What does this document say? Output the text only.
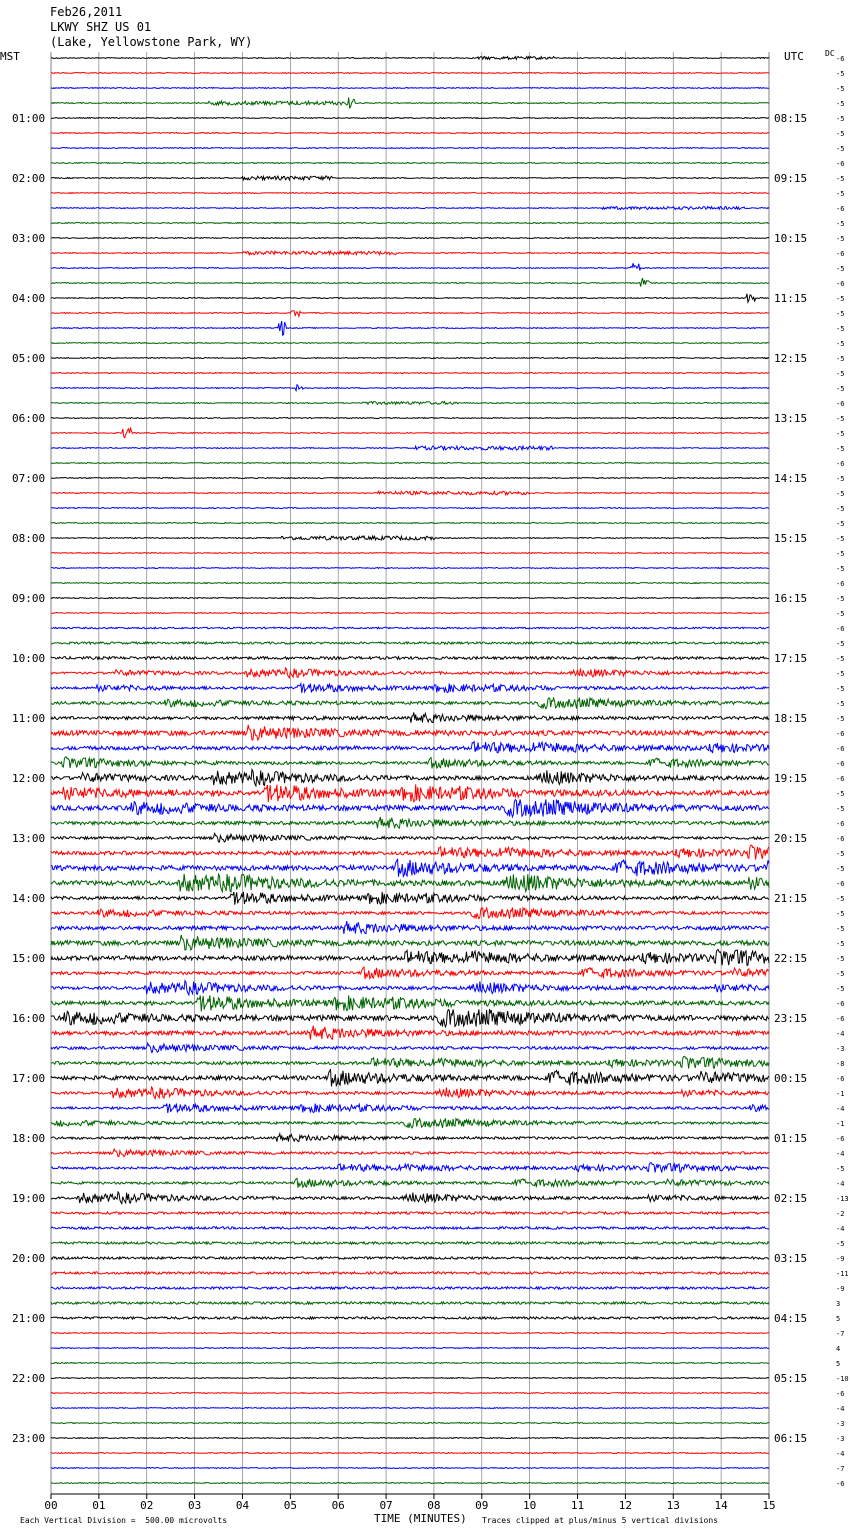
Feb26,2011
LKWY SHZ US 01
(Lake, Yellowstone Park, WY)
MST	UTC	DC
00	01	02	03	04	05	06	07	08	09	10	11	12	13	14	15
-6
-5
-5
-5
-5
-5
-5
-6
-5
-5
-6
-5
-5
-6
-5
-6
-5
-5
-5
-5
-5
-5
-5
-6
-5
-5
-5
-6
-5
-5
-5
-5
-5
-5
-5
-6
-5
-5
-6
-5
-5
-5
-5
-5
-5
-6
-6
-6
-6
-5
-5
-6
-6
-5
-5
-6
-5
-5
-5
-5
-5
-5
-5
-6
-6
-4
-3
-8
-6
-1
-4
-1
-6
-4
-5
-4
-13
-2
-4
-5
-9
-11
-9
3
5
-7
4
5
-10
-6
-4
-3
-3
-4
-7
-6
01:00	08:15
02:00	09:15
03:00	10:15
04:00	11:15
05:00	12:15
06:00	13:15
07:00	14:15
08:00	15:15
09:00	16:15
10:00	17:15
11:00	18:15
12:00	19:15
13:00	20:15
14:00	21:15
15:00	22:15
16:00	23:15
17:00	00:15
18:00	01:15
19:00	02:15
20:00	03:15
21:00	04:15
22:00	05:15
23:00	06:15
TIME (MINUTES)
Each Vertical Division =  500.00 microvolts	Traces clipped at plus/minus 5 vertical divisions
